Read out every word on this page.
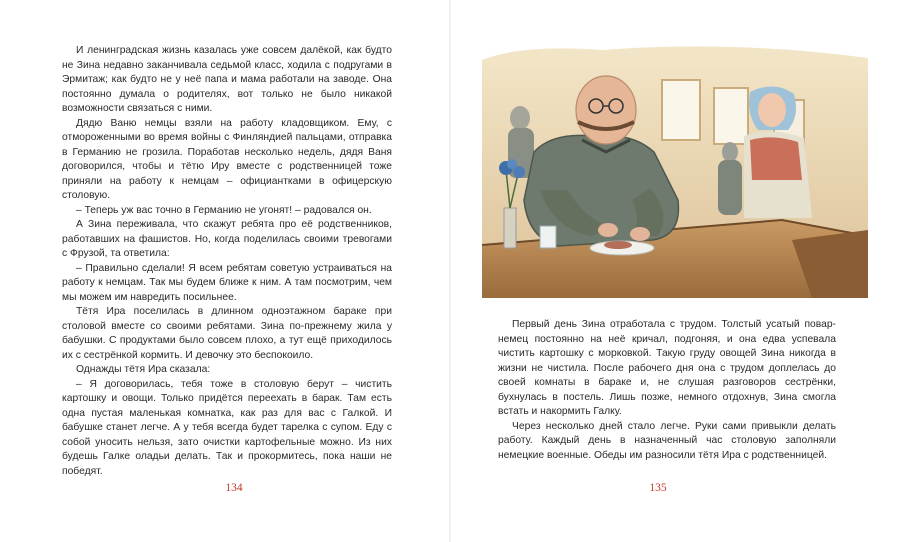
И ленинградская жизнь казалась уже совсем далёкой, как будто не Зина недавно заканчивала седьмой класс, ходила с подругами в Эрмитаж; как будто не у неё папа и мама работали на заводе. Она постоянно думала о родителях, вот только не было никакой возможности связаться с ними.

Дядю Ваню немцы взяли на работу кладовщиком. Ему, с отмороженными во время войны с Финляндией пальцами, отправка в Германию не грозила. Поработав несколько недель, дядя Ваня договорился, чтобы и тётю Иру вместе с родственницей тоже приняли на работу к немцам – официантками в офицерскую столовую.

– Теперь уж вас точно в Германию не угонят! – радовался он.

А Зина переживала, что скажут ребята про её родственников, работавших на фашистов. Но, когда поделилась своими тревогами с Фрузой, та ответила:

– Правильно сделали! Я всем ребятам советую устраиваться на работу к немцам. Так мы будем ближе к ним. А там посмотрим, чем мы можем им навредить посильнее.

Тётя Ира поселилась в длинном одноэтажном бараке при столовой вместе со своими ребятами. Зина по-прежнему жила у бабушки. С продуктами было совсем плохо, а тут ещё приходилось их с сестрёнкой кормить. И девочку это беспокоило.

Однажды тётя Ира сказала:

– Я договорилась, тебя тоже в столовую берут – чистить картошку и овощи. Только придётся переехать в барак. Там есть одна пустая маленькая комнатка, как раз для вас с Галкой. И бабушке станет легче. А у тебя всегда будет тарелка с супом. Еду с собой уносить нельзя, зато очистки картофельные можно. Из них будешь Галке оладьи делать. Так и прокормитесь, пока наши не победят.

134

Первый день Зина отработала с трудом. Толстый усатый повар-немец постоянно на неё кричал, подгоняя, и она едва успевала чистить картошку с морковкой. Такую груду овощей Зина никогда в жизни не чистила. После рабочего дня она с трудом доплелась до своей комнаты в бараке и, не слушая разговоров сестрёнки, бухнулась в постель. Лишь позже, немного отдохнув, Зина смогла встать и накормить Галку.

Через несколько дней стало легче. Руки сами привыкли делать работу. Каждый день в назначенный час столовую заполняли немецкие военные. Обеды им разносили тётя Ира с родственницей.

135
